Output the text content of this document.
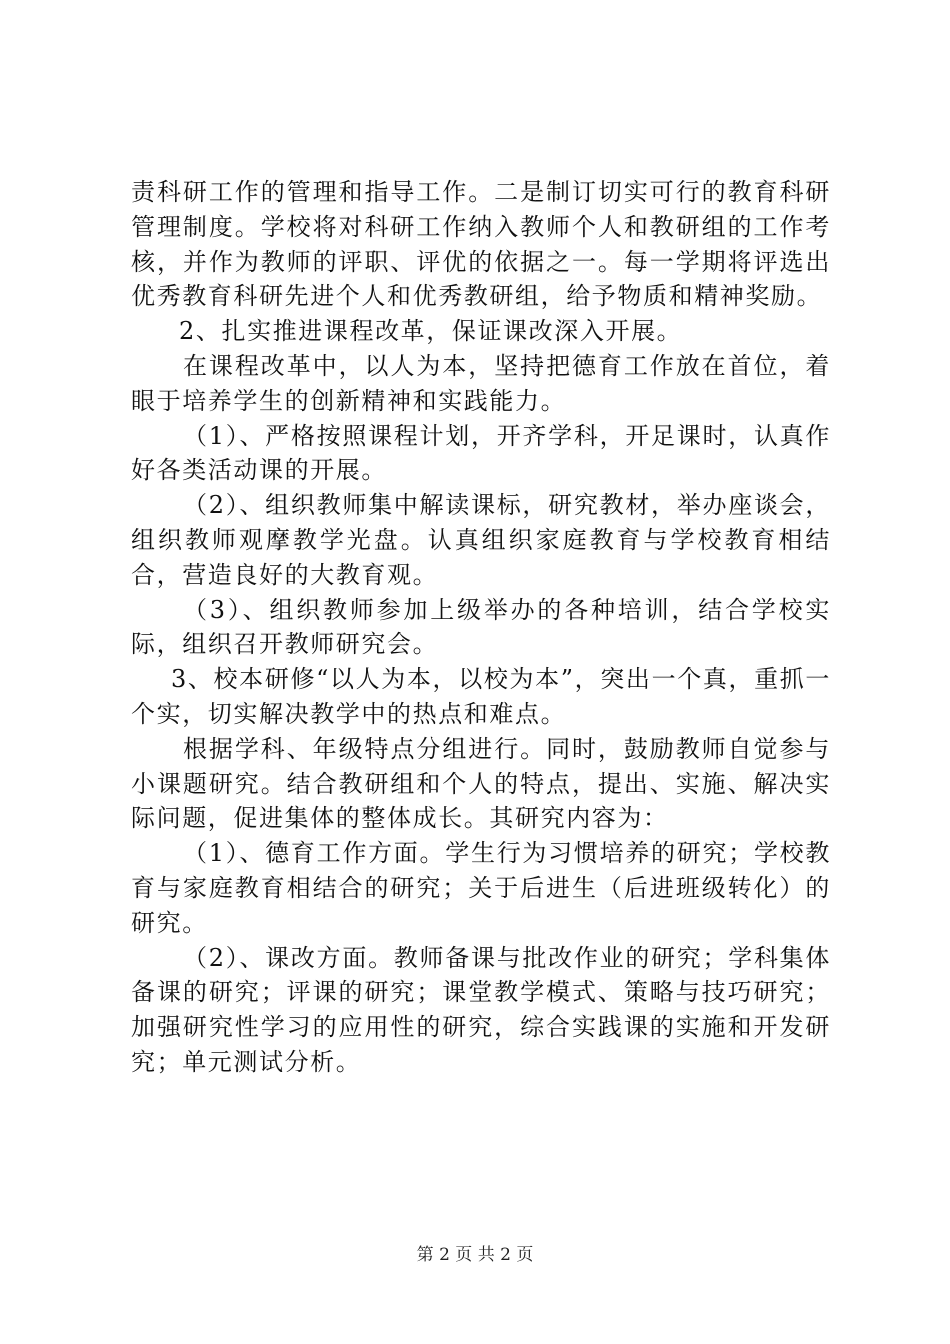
责科研工作的管理和指导工作。二是制订切实可行的教育科研管理制度。学校将对科研工作纳入教师个人和教研组的工作考核，并作为教师的评职、评优的依据之一。每一学期将评选出优秀教育科研先进个人和优秀教研组，给予物质和精神奖励。

2、扎实推进课程改革，保证课改深入开展。

在课程改革中，以人为本，坚持把德育工作放在首位，着眼于培养学生的创新精神和实践能力。

（1）、严格按照课程计划，开齐学科，开足课时，认真作好各类活动课的开展。

（2）、组织教师集中解读课标，研究教材，举办座谈会，组织教师观摩教学光盘。认真组织家庭教育与学校教育相结合，营造良好的大教育观。

（3）、组织教师参加上级举办的各种培训，结合学校实际，组织召开教师研究会。

3、校本研修“以人为本，以校为本”，突出一个真，重抓一个实，切实解决教学中的热点和难点。

根据学科、年级特点分组进行。同时，鼓励教师自觉参与小课题研究。结合教研组和个人的特点，提出、实施、解决实际问题，促进集体的整体成长。其研究内容为：

（1）、德育工作方面。学生行为习惯培养的研究；学校教育与家庭教育相结合的研究；关于后进生（后进班级转化）的研究。

（2）、课改方面。教师备课与批改作业的研究；学科集体备课的研究；评课的研究；课堂教学模式、策略与技巧研究；加强研究性学习的应用性的研究，综合实践课的实施和开发研究；单元测试分析。

第 2 页 共 2 页
